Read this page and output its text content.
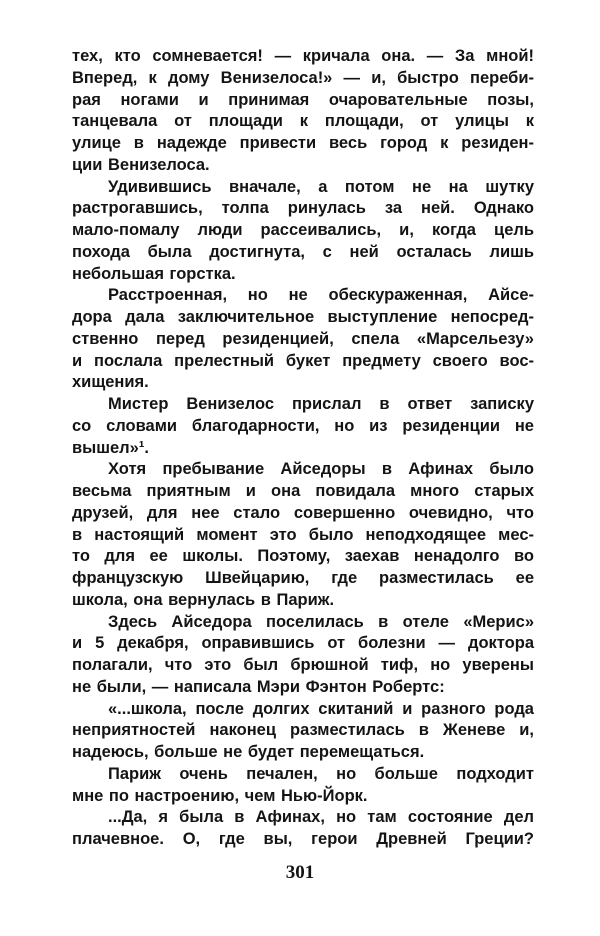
тех, кто сомневается! — кричала она. — За мной!
Вперед, к дому Венизелоса!» — и, быстро переби-
рая ногами и принимая очаровательные позы,
танцевала от площади к площади, от улицы к
улице в надежде привести весь город к резиден-
ции Венизелоса.
Удивившись вначале, а потом не на шутку
растрогавшись, толпа ринулась за ней. Однако
мало-помалу люди рассеивались, и, когда цель
похода была достигнута, с ней осталась лишь
небольшая горстка.
Расстроенная, но не обескураженная, Айсе-
дора дала заключительное выступление непосред-
ственно перед резиденцией, спела «Марсельезу»
и послала прелестный букет предмету своего вос-
хищения.
Мистер Венизелос прислал в ответ записку
со словами благодарности, но из резиденции не
вышел»¹.
Хотя пребывание Айседоры в Афинах было
весьма приятным и она повидала много старых
друзей, для нее стало совершенно очевидно, что
в настоящий момент это было неподходящее мес-
то для ее школы. Поэтому, заехав ненадолго во
французскую Швейцарию, где разместилась ее
школа, она вернулась в Париж.
Здесь Айседора поселилась в отеле «Мерис»
и 5 декабря, оправившись от болезни — доктора
полагали, что это был брюшной тиф, но уверены
не были, — написала Мэри Фэнтон Робертс:
«...школа, после долгих скитаний и разного рода
неприятностей наконец разместилась в Женеве и,
надеюсь, больше не будет перемещаться.
Париж очень печален, но больше подходит
мне по настроению, чем Нью-Йорк.
...Да, я была в Афинах, но там состояние дел
плачевное. О, где вы, герои Древней Греции?
301
